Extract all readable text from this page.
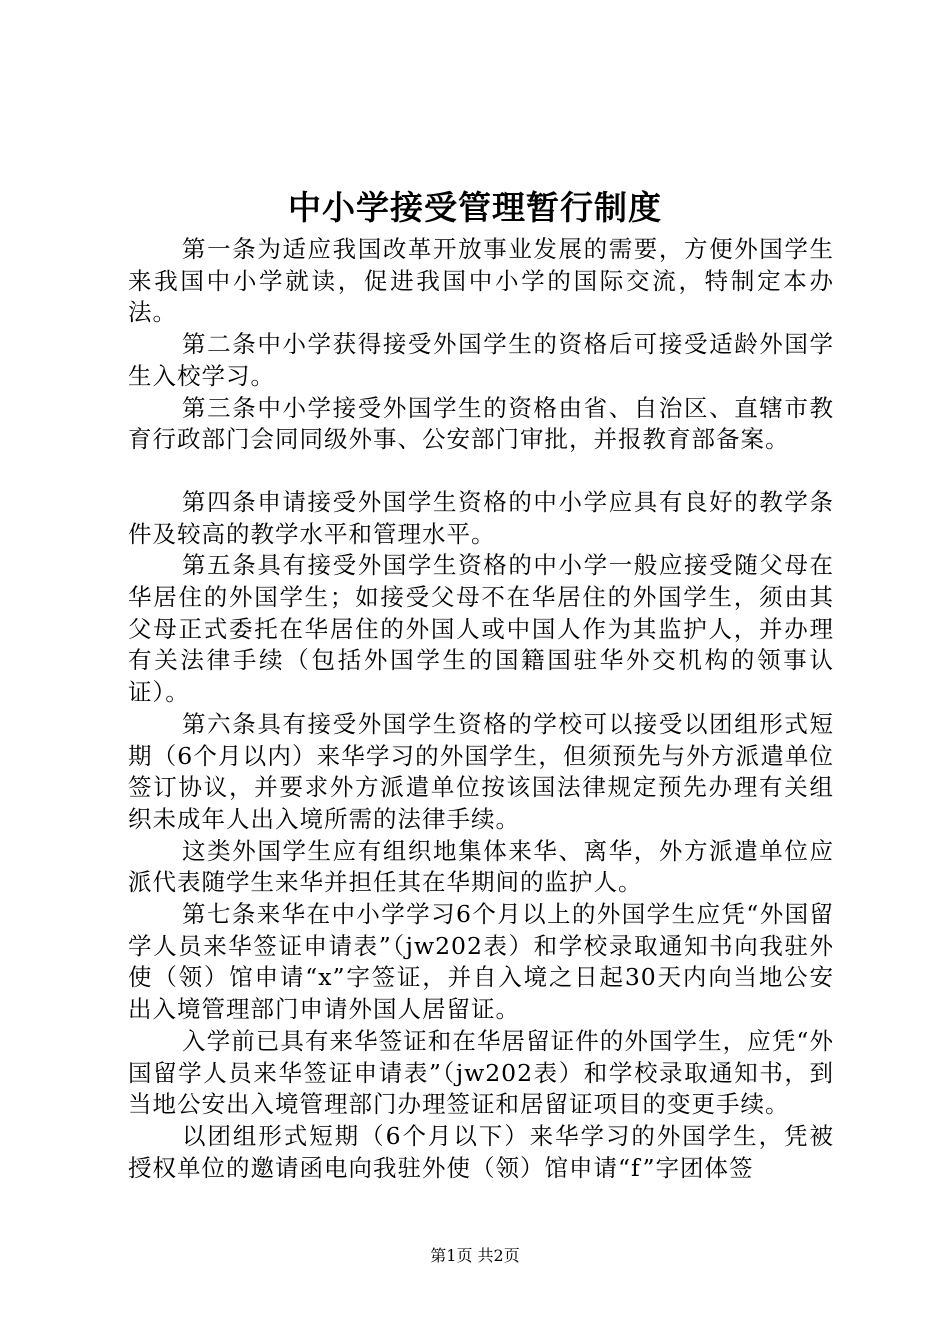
中小学接受管理暂行制度

第一条为适应我国改革开放事业发展的需要，方便外国学生来我国中小学就读，促进我国中小学的国际交流，特制定本办法。

第二条中小学获得接受外国学生的资格后可接受适龄外国学生入校学习。

第三条中小学接受外国学生的资格由省、自治区、直辖市教育行政部门会同同级外事、公安部门审批，并报教育部备案。

第四条申请接受外国学生资格的中小学应具有良好的教学条件及较高的教学水平和管理水平。

第五条具有接受外国学生资格的中小学一般应接受随父母在华居住的外国学生；如接受父母不在华居住的外国学生，须由其父母正式委托在华居住的外国人或中国人作为其监护人，并办理有关法律手续（包括外国学生的国籍国驻华外交机构的领事认证）。

第六条具有接受外国学生资格的学校可以接受以团组形式短期（6个月以内）来华学习的外国学生，但须预先与外方派遣单位签订协议，并要求外方派遣单位按该国法律规定预先办理有关组织未成年人出入境所需的法律手续。

这类外国学生应有组织地集体来华、离华，外方派遣单位应派代表随学生来华并担任其在华期间的监护人。

第七条来华在中小学学习6个月以上的外国学生应凭“外国留学人员来华签证申请表”（jw202表）和学校录取通知书向我驻外使（领）馆申请“x”字签证，并自入境之日起30天内向当地公安出入境管理部门申请外国人居留证。

入学前已具有来华签证和在华居留证件的外国学生，应凭“外国留学人员来华签证申请表”（jw202表）和学校录取通知书，到当地公安出入境管理部门办理签证和居留证项目的变更手续。

以团组形式短期（6个月以下）来华学习的外国学生，凭被授权单位的邀请函电向我驻外使（领）馆申请“f”字团体签

第1页 共2页
